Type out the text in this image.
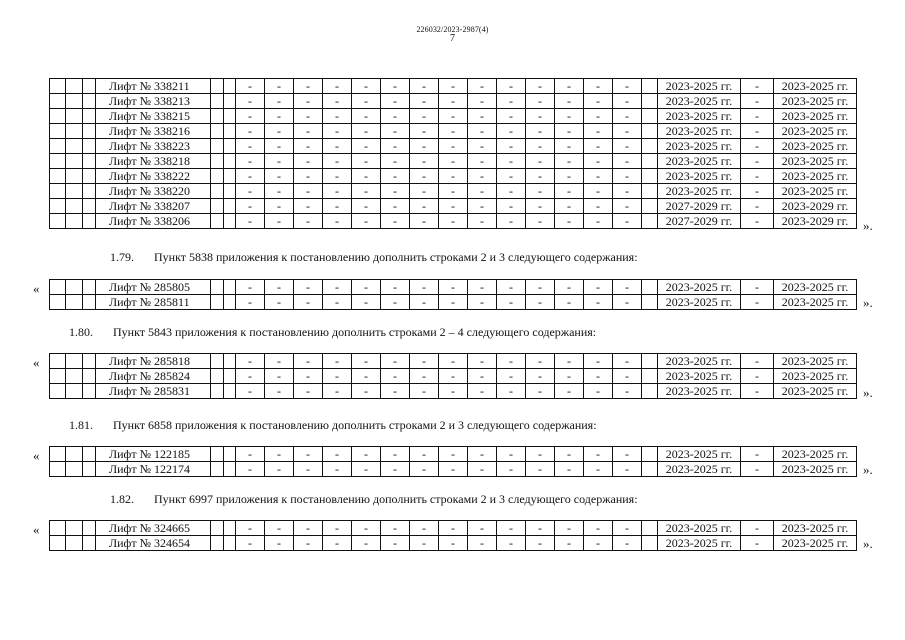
226032/2023-2987(4)
7
			Лифт № 338211			-	-	-	-	-	-	-	-	-	-	-	-	-	-		2023-2025 гг.	-	2023-2025 гг.
			Лифт № 338213			-	-	-	-	-	-	-	-	-	-	-	-	-	-		2023-2025 гг.	-	2023-2025 гг.
			Лифт № 338215			-	-	-	-	-	-	-	-	-	-	-	-	-	-		2023-2025 гг.	-	2023-2025 гг.
			Лифт № 338216			-	-	-	-	-	-	-	-	-	-	-	-	-	-		2023-2025 гг.	-	2023-2025 гг.
			Лифт № 338223			-	-	-	-	-	-	-	-	-	-	-	-	-	-		2023-2025 гг.	-	2023-2025 гг.
			Лифт № 338218			-	-	-	-	-	-	-	-	-	-	-	-	-	-		2023-2025 гг.	-	2023-2025 гг.
			Лифт № 338222			-	-	-	-	-	-	-	-	-	-	-	-	-	-		2023-2025 гг.	-	2023-2025 гг.
			Лифт № 338220			-	-	-	-	-	-	-	-	-	-	-	-	-	-		2023-2025 гг.	-	2023-2025 гг.
			Лифт № 338207			-	-	-	-	-	-	-	-	-	-	-	-	-	-		2027-2029 гг.	-	2023-2029 гг.
			Лифт № 338206			-	-	-	-	-	-	-	-	-	-	-	-	-	-		2027-2029 гг.	-	2023-2029 гг. ».
1.79. Пункт 5838 приложения к постановлению дополнить строками 2 и 3 следующего содержания:
«
				Лифт № 285805			-	-	-	-	-	-	-	-	-	-	-	-	-	-		2023-2025 гг.	-	2023-2025 гг.
			Лифт № 285811			-	-	-	-	-	-	-	-	-	-	-	-	-	-		2023-2025 гг.	-	2023-2025 гг. ».
1.80. Пункт 5843 приложения к постановлению дополнить строками 2 – 4 следующего содержания:
«
				Лифт № 285818			-	-	-	-	-	-	-	-	-	-	-	-	-	-		2023-2025 гг.	-	2023-2025 гг.
			Лифт № 285824			-	-	-	-	-	-	-	-	-	-	-	-	-	-		2023-2025 гг.	-	2023-2025 гг.
			Лифт № 285831			-	-	-	-	-	-	-	-	-	-	-	-	-	-		2023-2025 гг.	-	2023-2025 гг. ».
1.81. Пункт 6858 приложения к постановлению дополнить строками 2 и 3 следующего содержания:
«
				Лифт № 122185			-	-	-	-	-	-	-	-	-	-	-	-	-	-		2023-2025 гг.	-	2023-2025 гг.
			Лифт № 122174			-	-	-	-	-	-	-	-	-	-	-	-	-	-		2023-2025 гг.	-	2023-2025 гг. ».
1.82. Пункт 6997 приложения к постановлению дополнить строками 2 и 3 следующего содержания:
«
				Лифт № 324665			-	-	-	-	-	-	-	-	-	-	-	-	-	-		2023-2025 гг.	-	2023-2025 гг.
			Лифт № 324654			-	-	-	-	-	-	-	-	-	-	-	-	-	-		2023-2025 гг.	-	2023-2025 гг. ».
